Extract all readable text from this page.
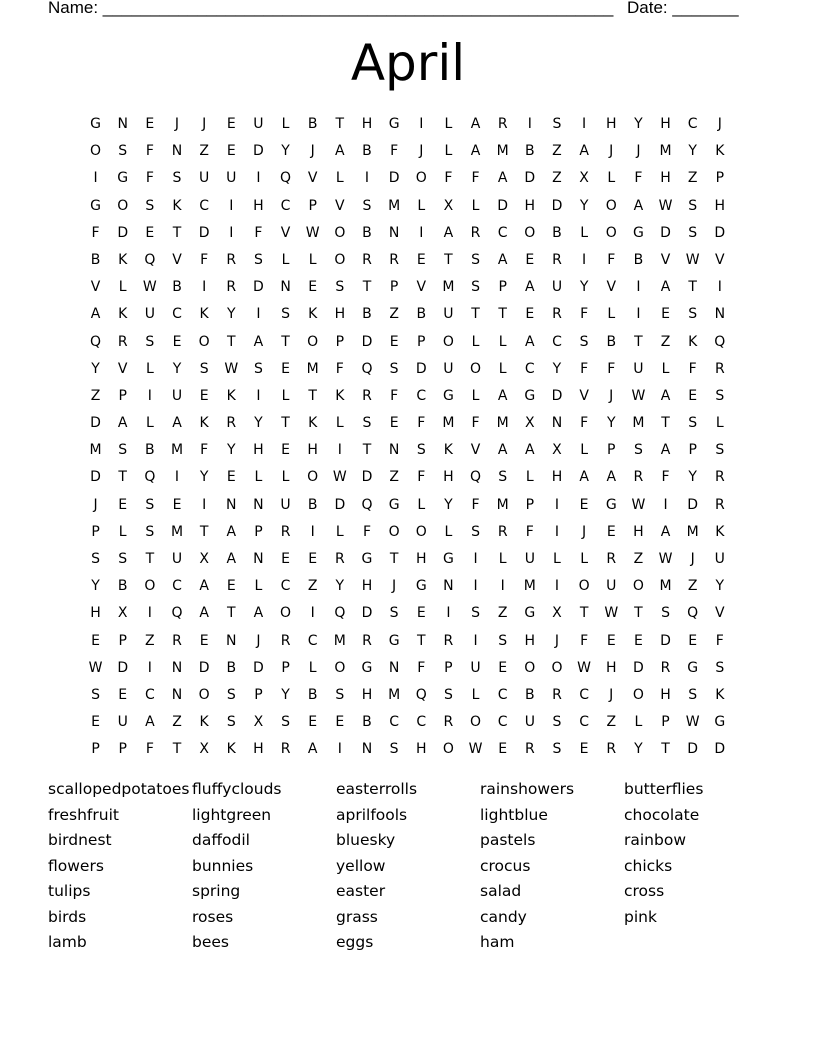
Name: ______________________________________________________ Date: _______
April
G	N	E	J	J	E	U	L	B	T	H	G	I	L	A	R	I	S	I	H	Y	H	C	J
O	S	F	N	Z	E	D	Y	J	A	B	F	J	L	A	M	B	Z	A	J	J	M	Y	K
I	G	F	S	U	U	I	Q	V	L	I	D	O	F	F	A	D	Z	X	L	F	H	Z	P
G	O	S	K	C	I	H	C	P	V	S	M	L	X	L	D	H	D	Y	O	A	W	S	H
F	D	E	T	D	I	F	V	W	O	B	N	I	A	R	C	O	B	L	O	G	D	S	D
B	K	Q	V	F	R	S	L	L	O	R	R	E	T	S	A	E	R	I	F	B	V	W	V
V	L	W	B	I	R	D	N	E	S	T	P	V	M	S	P	A	U	Y	V	I	A	T	I
A	K	U	C	K	Y	I	S	K	H	B	Z	B	U	T	T	E	R	F	L	I	E	S	N
Q	R	S	E	O	T	A	T	O	P	D	E	P	O	L	L	A	C	S	B	T	Z	K	Q
Y	V	L	Y	S	W	S	E	M	F	Q	S	D	U	O	L	C	Y	F	F	U	L	F	R
Z	P	I	U	E	K	I	L	T	K	R	F	C	G	L	A	G	D	V	J	W	A	E	S
D	A	L	A	K	R	Y	T	K	L	S	E	F	M	F	M	X	N	F	Y	M	T	S	L
M	S	B	M	F	Y	H	E	H	I	T	N	S	K	V	A	A	X	L	P	S	A	P	S
D	T	Q	I	Y	E	L	L	O	W	D	Z	F	H	Q	S	L	H	A	A	R	F	Y	R
J	E	S	E	I	N	N	U	B	D	Q	G	L	Y	F	M	P	I	E	G	W	I	D	R
P	L	S	M	T	A	P	R	I	L	F	O	O	L	S	R	F	I	J	E	H	A	M	K
S	S	T	U	X	A	N	E	E	R	G	T	H	G	I	L	U	L	L	R	Z	W	J	U
Y	B	O	C	A	E	L	C	Z	Y	H	J	G	N	I	I	M	I	O	U	O	M	Z	Y
H	X	I	Q	A	T	A	O	I	Q	D	S	E	I	S	Z	G	X	T	W	T	S	Q	V
E	P	Z	R	E	N	J	R	C	M	R	G	T	R	I	S	H	J	F	E	E	D	E	F
W	D	I	N	D	B	D	P	L	O	G	N	F	P	U	E	O	O	W	H	D	R	G	S
S	E	C	N	O	S	P	Y	B	S	H	M	Q	S	L	C	B	R	C	J	O	H	S	K
E	U	A	Z	K	S	X	S	E	E	B	C	C	R	O	C	U	S	C	Z	L	P	W	G
P	P	F	T	X	K	H	R	A	I	N	S	H	O	W	E	R	S	E	R	Y	T	D	D
scallopedpotatoes fluffyclouds	easterrolls	rainshowers	butterflies
freshfruit	lightgreen	aprilfools	lightblue	chocolate
birdnest	daffodil	bluesky	pastels	rainbow
flowers	bunnies	yellow	crocus	chicks
tulips	spring	easter	salad	cross
birds	roses	grass	candy	pink
lamb	bees	eggs	ham
